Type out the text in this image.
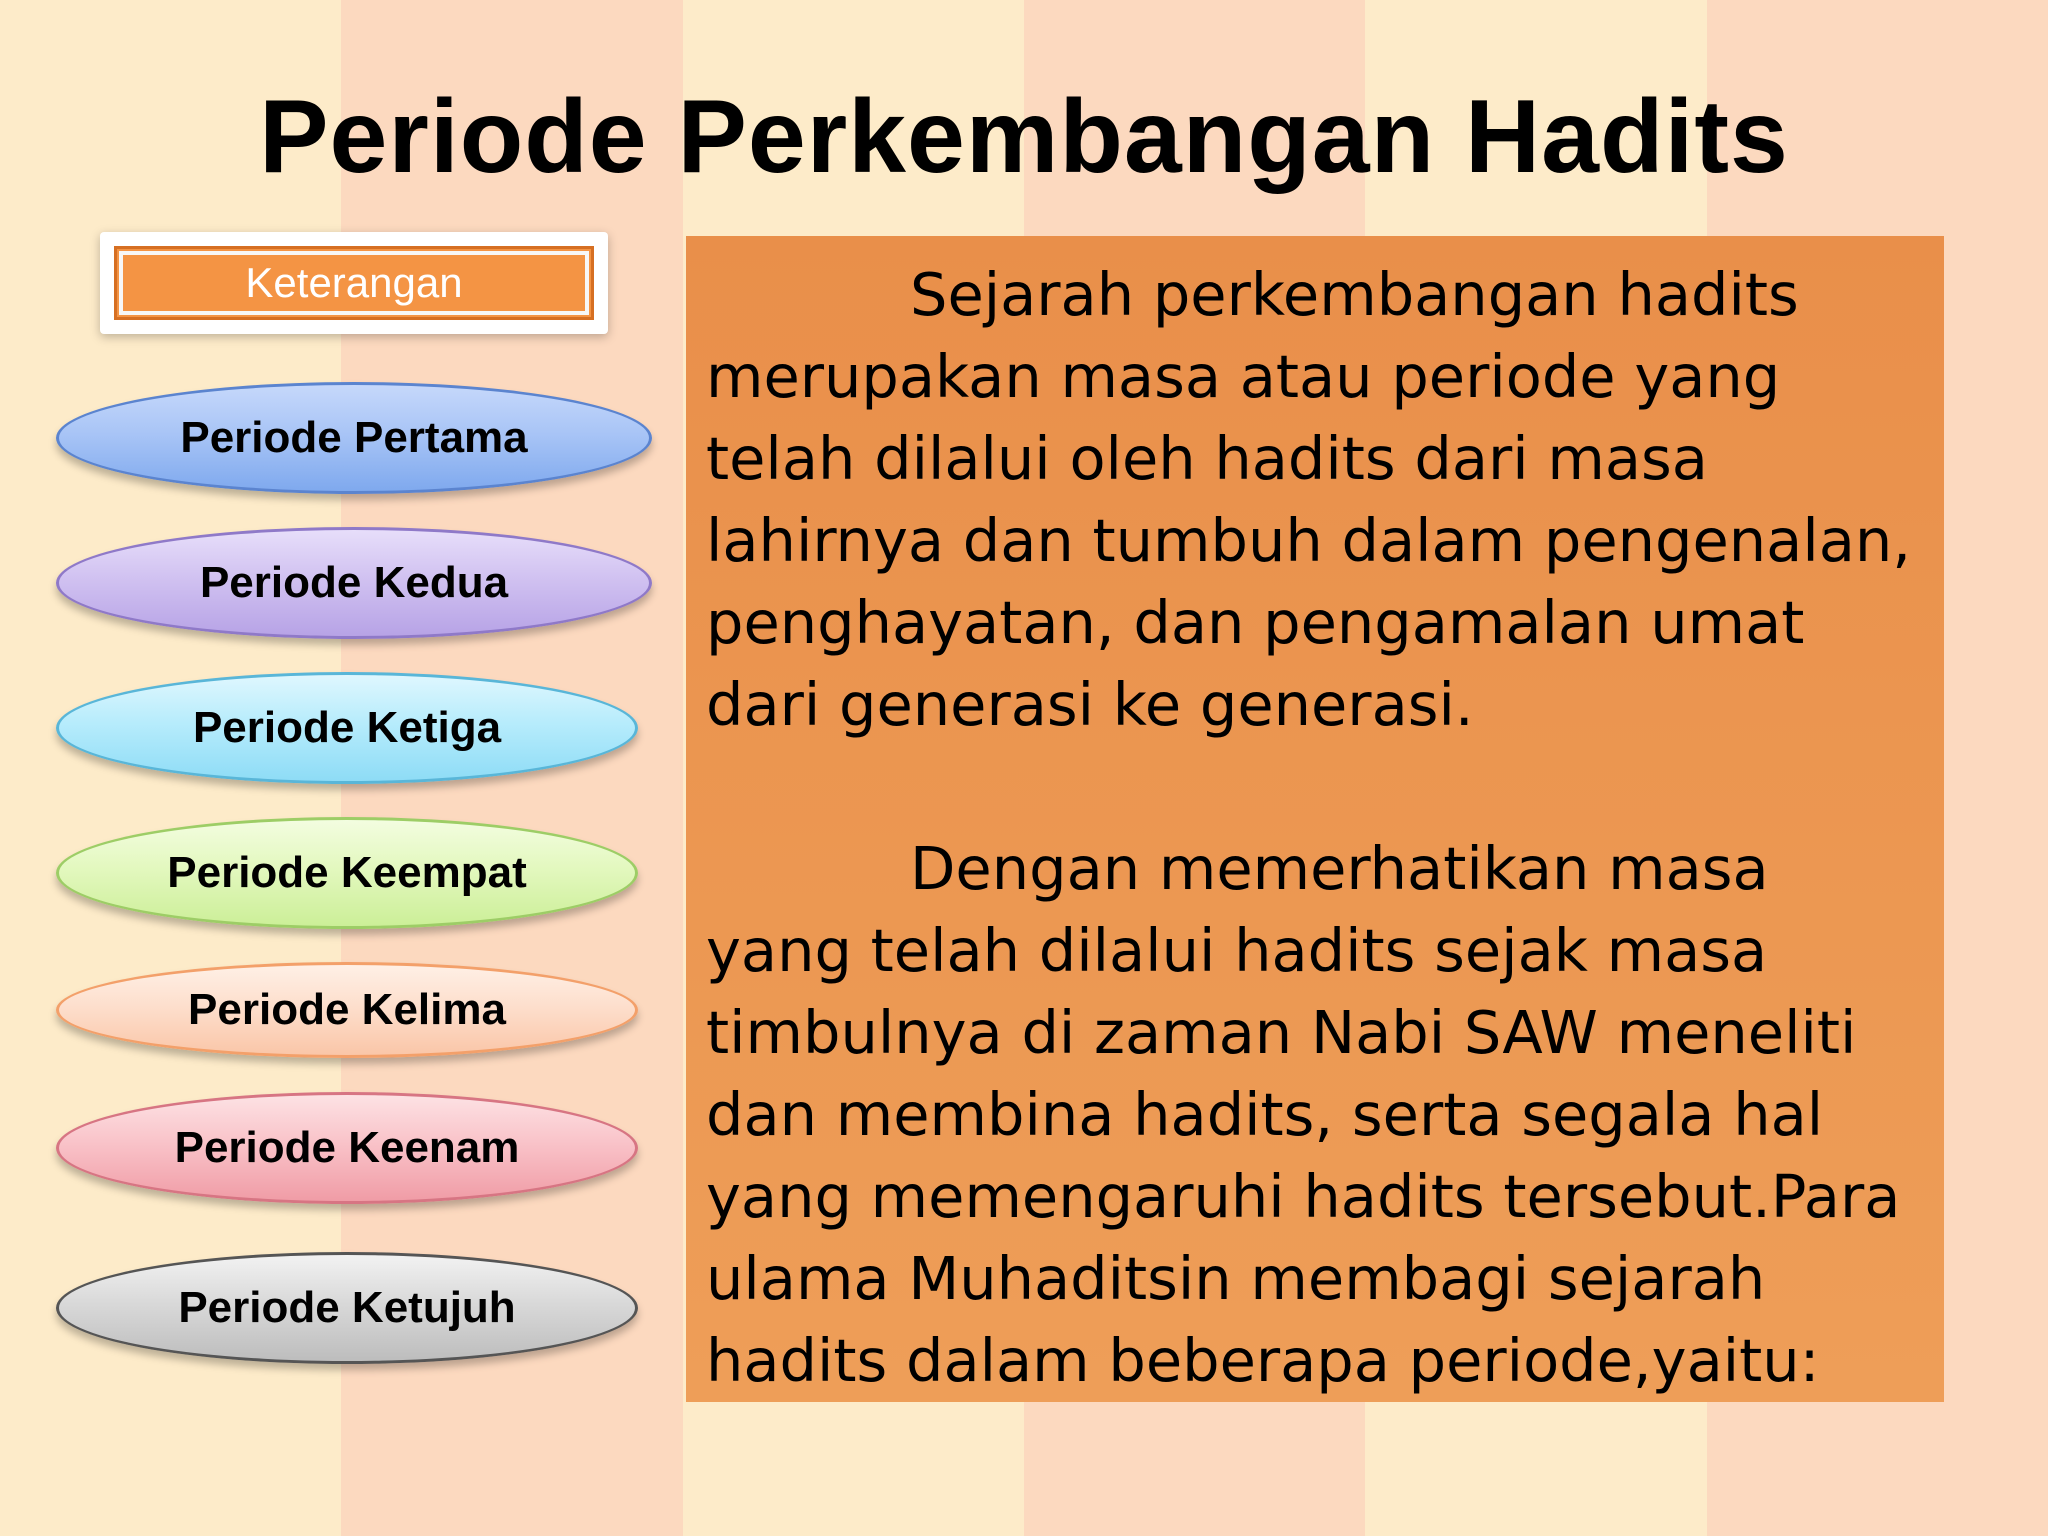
Periode Perkembangan Hadits
Keterangan
Periode Pertama
Periode Kedua
Periode Ketiga
Periode Keempat
Periode Kelima
Periode Keenam
Periode Ketujuh

Sejarah perkembangan hadits merupakan masa atau periode yang telah dilalui oleh hadits dari masa lahirnya dan tumbuh dalam pengenalan, penghayatan, dan pengamalan umat dari generasi ke generasi.

Dengan memerhatikan masa yang telah dilalui hadits sejak masa timbulnya di zaman Nabi SAW meneliti dan membina hadits, serta segala hal yang memengaruhi hadits tersebut.Para ulama Muhaditsin membagi sejarah hadits dalam beberapa periode,yaitu:
